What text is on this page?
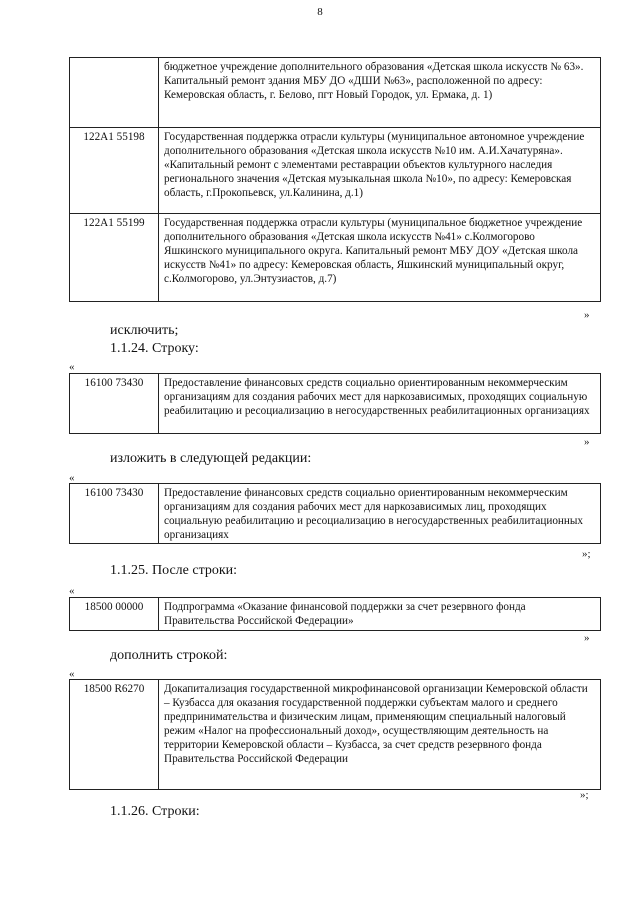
8
	бюджетное учреждение дополнительного образования «Детская школа искусств № 63». Капитальный ремонт здания МБУ ДО «ДШИ №63», расположенной по адресу: Кемеровская область, г. Белово, пгт Новый Городок, ул. Ермака, д. 1)
122A1 55198	Государственная поддержка отрасли культуры (муниципальное автономное учреждение дополнительного образования «Детская школа искусств №10 им. А.И.Хачатуряна». «Капитальный ремонт с элементами реставрации объектов культурного наследия регионального значения «Детская музыкальная школа №10», по адресу: Кемеровская область, г.Прокопьевск, ул.Калинина, д.1)
122A1 55199	Государственная поддержка отрасли культуры (муниципальное бюджетное учреждение дополнительного образования «Детская школа искусств №41» с.Колмогорово Яшкинского муниципального округа. Капитальный ремонт МБУ ДОУ «Детская школа искусств №41» по адресу: Кемеровская область, Яшкинский муниципальный округ, с.Колмогорово, ул.Энтузиастов, д.7)
»
исключить;
1.1.24. Строку:
«
16100 73430	Предоставление финансовых средств социально ориентированным некоммерческим организациям для создания рабочих мест для наркозависимых, проходящих социальную реабилитацию и ресоциализацию в негосударственных реабилитационных организациях
»
изложить в следующей редакции:
«
16100 73430	Предоставление финансовых средств социально ориентированным некоммерческим организациям для создания рабочих мест для наркозависимых лиц, проходящих социальную реабилитацию и ресоциализацию в негосударственных реабилитационных организациях
»;
1.1.25. После строки:
«
18500 00000	Подпрограмма «Оказание финансовой поддержки за счет резервного фонда Правительства Российской Федерации»
»
дополнить строкой:
«
18500 R6270	Докапитализация государственной микрофинансовой организации Кемеровской области – Кузбасса для оказания государственной поддержки субъектам малого и среднего предпринимательства и физическим лицам, применяющим специальный налоговый режим «Налог на профессиональный доход», осуществляющим деятельность на территории Кемеровской области – Кузбасса, за счет средств резервного фонда Правительства Российской Федерации
»;
1.1.26. Строки:
